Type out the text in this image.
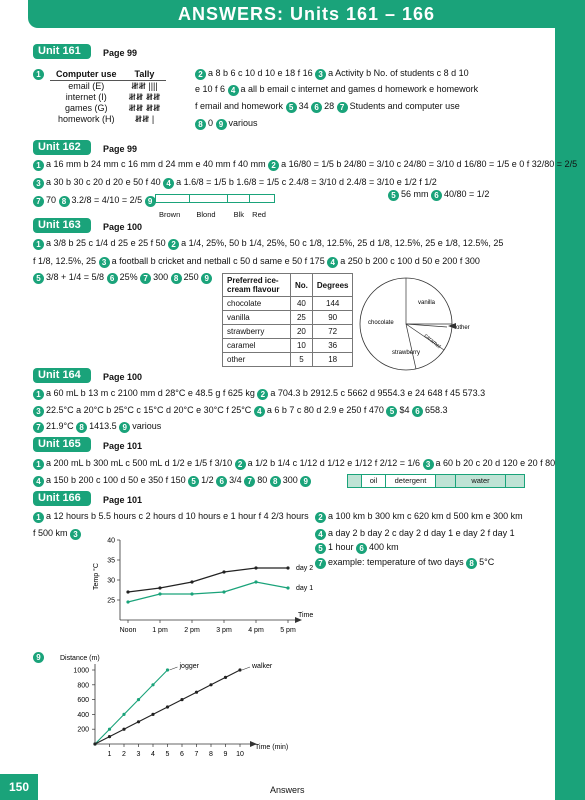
ANSWERS: Units 161 – 166
Unit 161	Page 99
1	Computer use	Tally
email (E)	𝍸𝍸 ||||
internet (I)	𝍸𝍸 𝍸𝍸
games (G)	𝍸𝍸 𝍸𝍸
homework (H)	𝍸𝍸 |
2 a 8 b 6 c 10 d 10 e 18 f 16 3 a Activity b No. of students c 8 d 10
e 10 f 6 4 a all b email c internet and games d homework e homework
f email and homework 5 34 6 28 7 Students and computer use
8 0 9 various
Unit 162	Page 99
1 a 16 mm b 24 mm c 16 mm d 24 mm e 40 mm f 40 mm 2 a 16/80 = 1/5 b 24/80 = 3/10 c 24/80 = 3/10 d 16/80 = 1/5 e 0 f 32/80 = 2/5
3 a 30 b 30 c 20 d 20 e 50 f 40 4 a 1.6/8 = 1/5 b 1.6/8 = 1/5 c 2.4/8 = 3/10 d 2.4/8 = 3/10 e 1/2 f 1/2
5 56 mm 6 40/80 = 1/2
7 70 8 3.2/8 = 4/10 = 2/5 9
Brown Blond Blk Red
Unit 163	Page 100
1 a 3/8 b 25 c 1/4 d 25 e 25 f 50 2 a 1/4, 25%, 50 b 1/4, 25%, 50 c 1/8, 12.5%, 25 d 1/8, 12.5%, 25 e 1/8, 12.5%, 25
f 1/8, 12.5%, 25 3 a football b cricket and netball c 50 d same e 50 f 175 4 a 250 b 200 c 100 d 50 e 200 f 300
5 3/8 + 1/4 = 5/8 6 25% 7 300 8 250 9	Preferred ice-cream flavour	No.	Degrees
chocolate	40	144
vanilla	25	90
strawberry	20	72
caramel	10	36
other	5	18
chocolate
vanilla
strawberry
caramel
other
Unit 164	Page 100
1 a 60 mL b 13 m c 2100 mm d 28°C e 48.5 g f 625 kg 2 a 704.3 b 2912.5 c 5662 d 9554.3 e 24 648 f 45 573.3
3 22.5°C a 20°C b 25°C c 15°C d 20°C e 30°C f 25°C 4 a 6 b 7 c 80 d 2.9 e 250 f 470 5 $4 6 658.3
7 21.9°C 8 1413.5 9 various
Unit 165	Page 101
1 a 200 mL b 300 mL c 500 mL d 1/2 e 1/5 f 3/10 2 a 1/2 b 1/4 c 1/12 d 1/12 e 1/12 f 2/12 = 1/6 3 a 60 b 20 c 20 d 120 e 20 f 80
4 a 150 b 200 c 100 d 50 e 350 f 150 5 1/2 6 3/4 7 80 8 300 9	oil	detergent	water
Unit 166	Page 101
1 a 12 hours b 5.5 hours c 2 hours d 10 hours e 1 hour f 4 2/3 hours	2 a 100 km b 300 km c 620 km d 500 km e 300 km
f 500 km 3	4 a day 2 b day 2 c day 2 d day 1 e day 2 f day 1
5 1 hour 6 400 km
7 example: temperature of two days 8 5°C
Time
Temp °C
Noon 1 pm 2 pm 3 pm 4 pm 5 pm
25
30
35
40
day 2
day 1
9	Distance (m)
Time (min)
1 2 3 4 5 6 7 8 9 10
200
400
600
800
1000
jogger	walker
150	Answers
